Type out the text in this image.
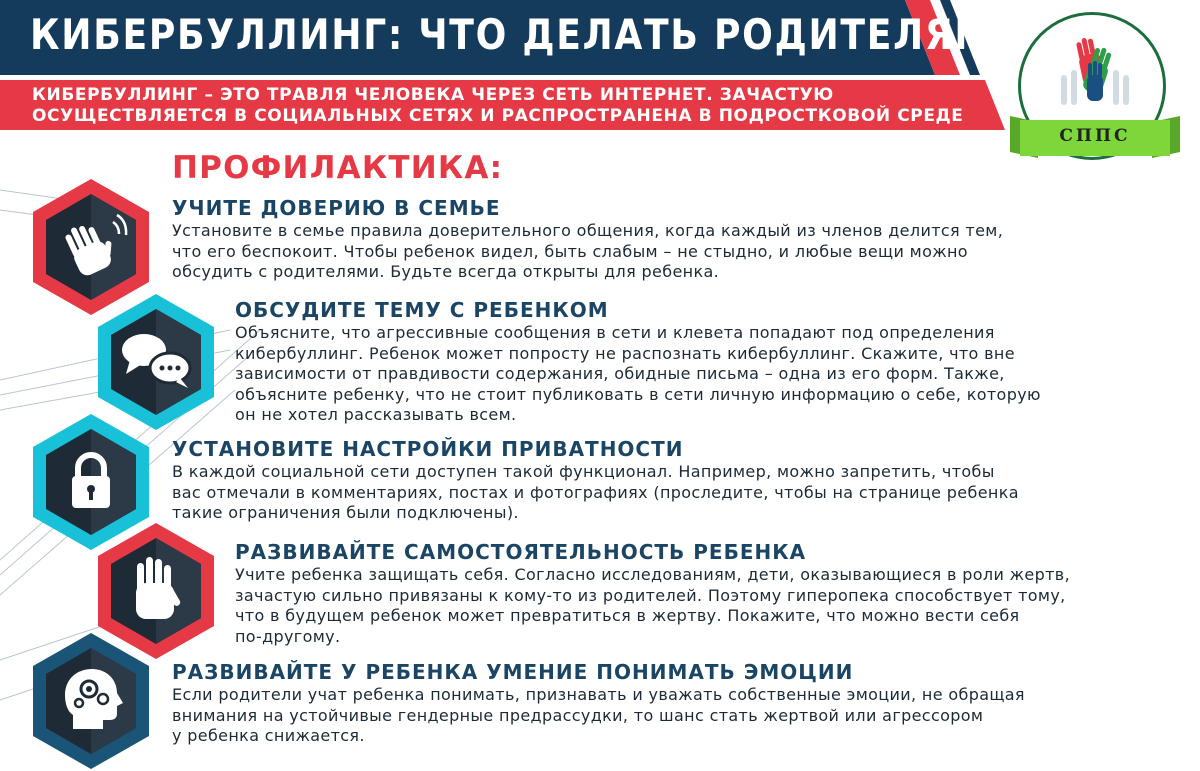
КИБЕРБУЛЛИНГ: ЧТО ДЕЛАТЬ РОДИТЕЛЯМ?
КИБЕРБУЛЛИНГ – ЭТО ТРАВЛЯ ЧЕЛОВЕКА ЧЕРЕЗ СЕТЬ ИНТЕРНЕТ. ЗАЧАСТУЮ
ОСУЩЕСТВЛЯЕТСЯ В СОЦИАЛЬНЫХ СЕТЯХ И РАСПРОСТРАНЕНА В ПОДРОСТКОВОЙ СРЕДЕ
СППС
ПРОФИЛАКТИКА:
УЧИТЕ ДОВЕРИЮ В СЕМЬЕ
Установите в семье правила доверительного общения, когда каждый из членов делится тем,
что его беспокоит. Чтобы ребенок видел, быть слабым – не стыдно, и любые вещи можно
обсудить с родителями. Будьте всегда открыты для ребенка.
ОБСУДИТЕ ТЕМУ С РЕБЕНКОМ
Объясните, что агрессивные сообщения в сети и клевета попадают под определения
кибербуллинг. Ребенок может попросту не распознать кибербуллинг. Скажите, что вне
зависимости от правдивости содержания, обидные письма – одна из его форм. Также,
объясните ребенку, что не стоит публиковать в сети личную информацию о себе, которую
он не хотел рассказывать всем.
УСТАНОВИТЕ НАСТРОЙКИ ПРИВАТНОСТИ
В каждой социальной сети доступен такой функционал. Например, можно запретить, чтобы
вас отмечали в комментариях, постах и фотографиях (проследите, чтобы на странице ребенка
такие ограничения были подключены).
РАЗВИВАЙТЕ САМОСТОЯТЕЛЬНОСТЬ РЕБЕНКА
Учите ребенка защищать себя. Согласно исследованиям, дети, оказывающиеся в роли жертв,
зачастую сильно привязаны к кому-то из родителей. Поэтому гиперопека способствует тому,
что в будущем ребенок может превратиться в жертву. Покажите, что можно вести себя
по-другому.
РАЗВИВАЙТЕ У РЕБЕНКА УМЕНИЕ ПОНИМАТЬ ЭМОЦИИ
Если родители учат ребенка понимать, признавать и уважать собственные эмоции, не обращая
внимания на устойчивые гендерные предрассудки, то шанс стать жертвой или агрессором
у ребенка снижается.
